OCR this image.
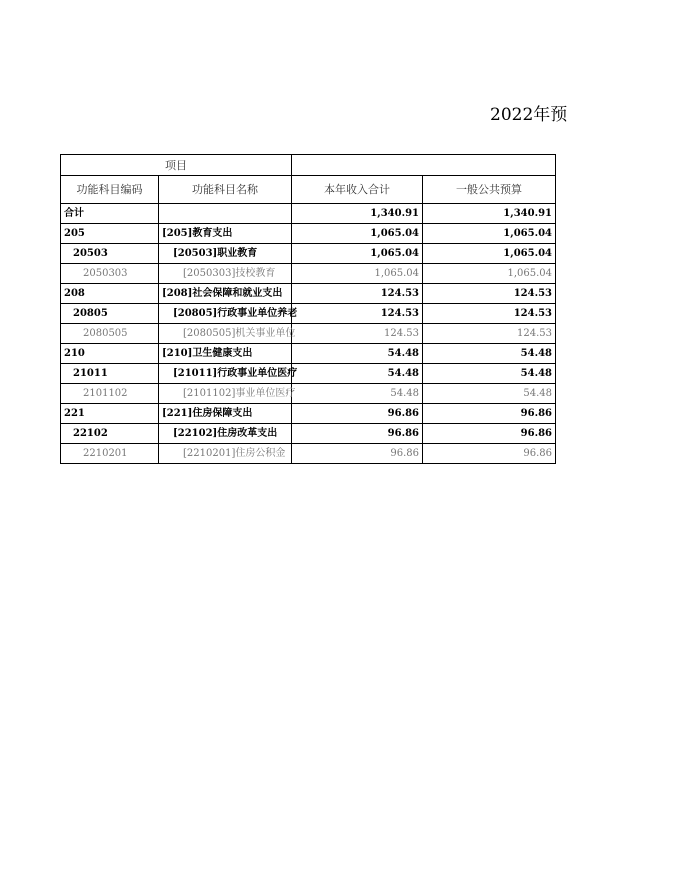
2022年预
项目			
功能科目编码	功能科目名称	本年收入合计	一般公共预算
合计		1,340.91	1,340.91
205	[205]教育支出	1,065.04	1,065.04
20503	[20503]职业教育	1,065.04	1,065.04
2050303	[2050303]技校教育	1,065.04	1,065.04
208	[208]社会保障和就业支出	124.53	124.53
20805	[20805]行政事业单位养老	124.53	124.53
2080505	[2080505]机关事业单位	124.53	124.53
210	[210]卫生健康支出	54.48	54.48
21011	[21011]行政事业单位医疗	54.48	54.48
2101102	[2101102]事业单位医疗	54.48	54.48
221	[221]住房保障支出	96.86	96.86
22102	[22102]住房改革支出	96.86	96.86
2210201	[2210201]住房公积金	96.86	96.86
